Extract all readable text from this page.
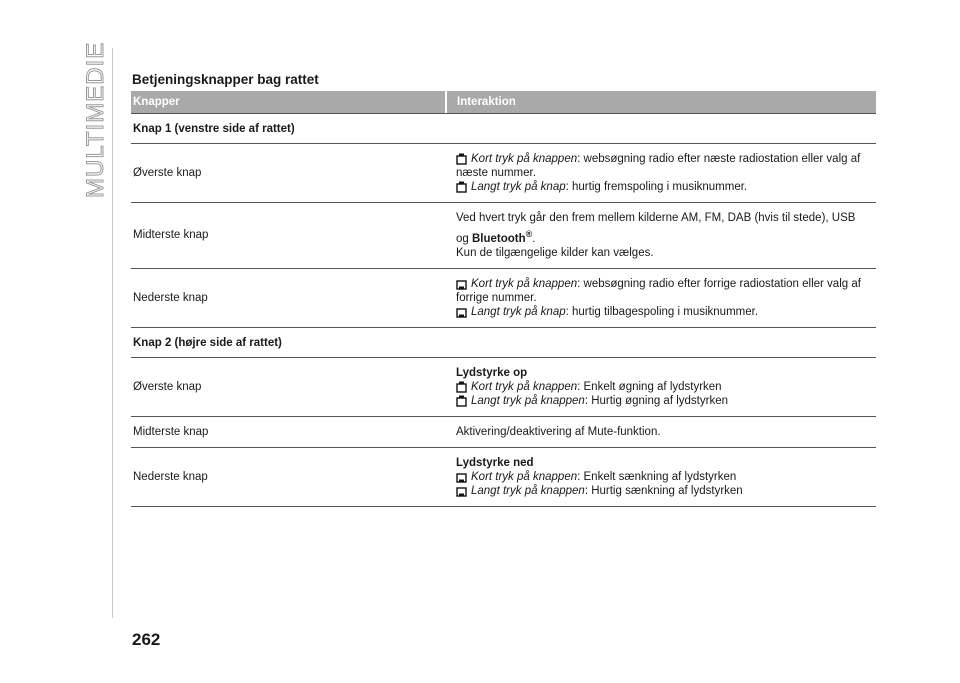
MULTIMEDIE Betjeningsknapper bag rattet
Knapper	Interaktion
Knap 1 (venstre side af rattet)
Øverste knap
Kort tryk på knappen: websøgning radio efter næste radiostation eller valg af
næste nummer.
Langt tryk på knap: hurtig fremspoling i musiknummer.
Midterste knap
Ved hvert tryk går den frem mellem kilderne AM, FM, DAB (hvis til stede), USB
og Bluetooth®.
Kun de tilgængelige kilder kan vælges.
Nederste knap
Kort tryk på knappen: websøgning radio efter forrige radiostation eller valg af
forrige nummer.
Langt tryk på knap: hurtig tilbagespoling i musiknummer.
Knap 2 (højre side af rattet)
Øverste knap
Lydstyrke op
Kort tryk på knappen: Enkelt øgning af lydstyrken
Langt tryk på knappen: Hurtig øgning af lydstyrken
Midterste knap	Aktivering/deaktivering af Mute-funktion.
Nederste knap
Lydstyrke ned
Kort tryk på knappen: Enkelt sænkning af lydstyrken
Langt tryk på knappen: Hurtig sænkning af lydstyrken
262
